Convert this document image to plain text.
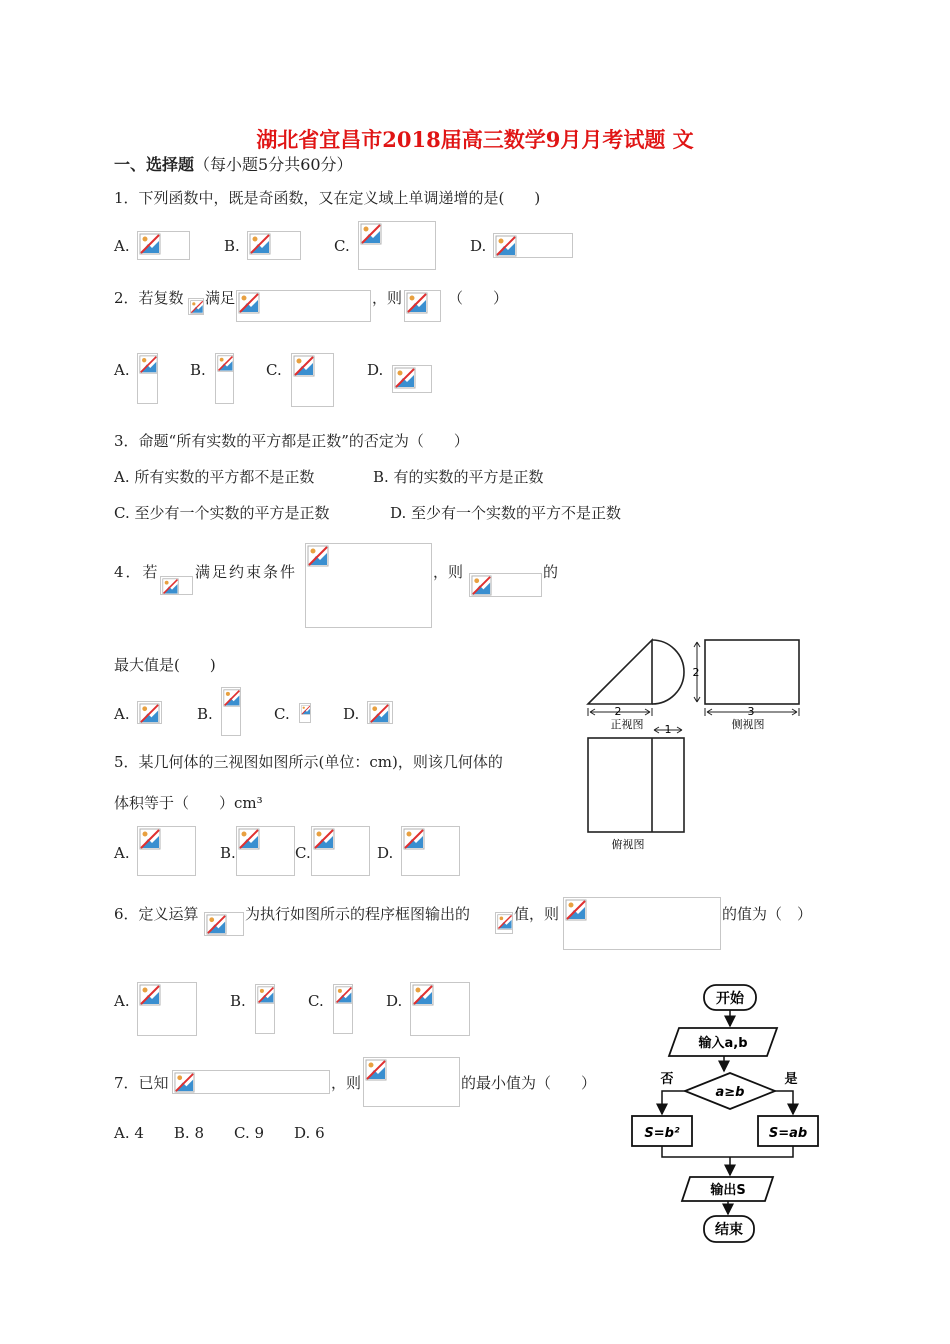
湖北省宜昌市2018届高三数学9月月考试题 文
一、选择题（每小题5分共60分）
1．下列函数中，既是奇函数，又在定义域上单调递增的是(　　)
A.	B.	C.	D.
2．若复数 满足	，则	（　　）
A.	B.	C.	D.
3．命题“所有实数的平方都是正数”的否定为（　　）
A. 所有实数的平方都不是正数	B. 有的实数的平方是正数
C. 至少有一个实数的平方是正数	D. 至少有一个实数的平方不是正数
4．若 满足约束条件	，则	的
最大值是(　　)
A.	B.	C.	D.
5．某几何体的三视图如图所示(单位：cm)，则该几何体的
体积等于（　　）cm³
A.	B.	C.	D.
2
正视图
2
3
侧视图
1
俯视图
6．定义运算	为执行如图所示的程序框图输出的	值，则	的值为（　）
A.	B.	C.	D.
7．已知	，则	的最小值为（　　）
A. 4　　B. 8　　C. 9　　D. 6
开始
输入a,b
a≥b
否	是
S=b²	S=ab
输出S
结束
